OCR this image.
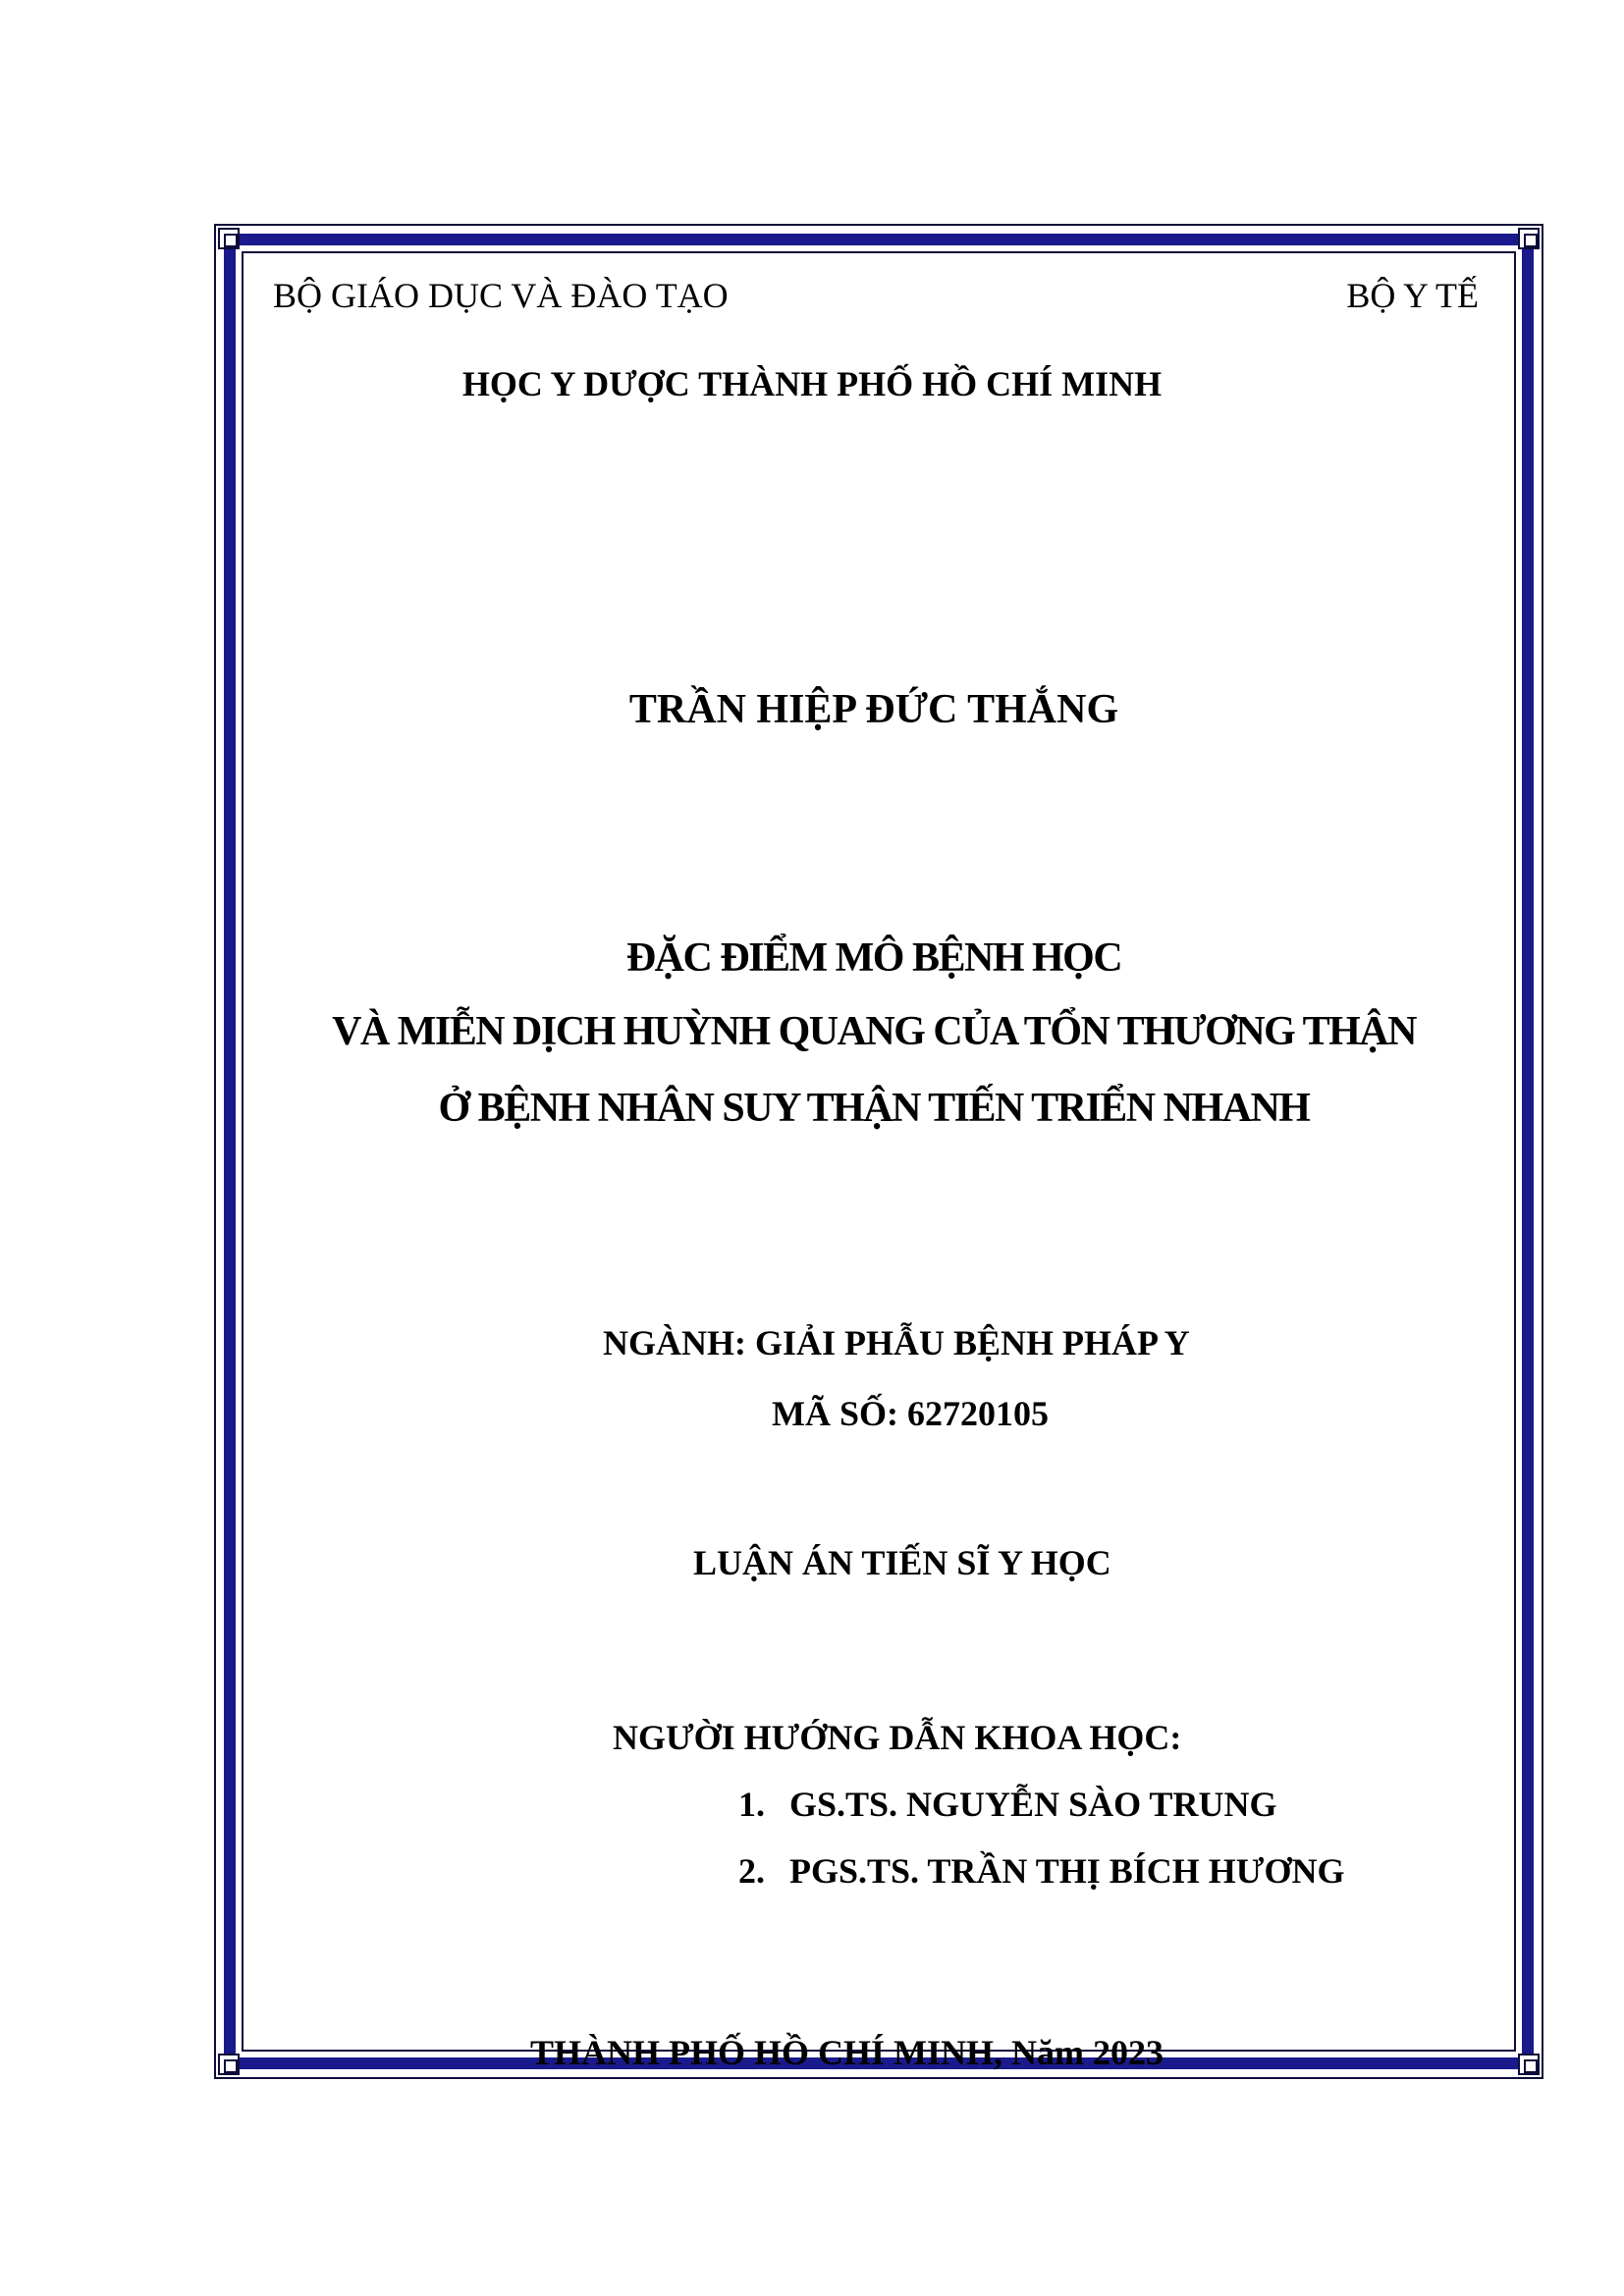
BỘ GIÁO DỤC VÀ ĐÀO TẠO	BỘ Y TẾ
HỌC Y DƯỢC THÀNH PHỐ HỒ CHÍ MINH
TRẦN HIỆP ĐỨC THẮNG
ĐẶC ĐIỂM MÔ BỆNH HỌC
VÀ MIỄN DỊCH HUỲNH QUANG CỦA TỔN THƯƠNG THẬN
Ở BỆNH NHÂN SUY THẬN TIẾN TRIỂN NHANH
NGÀNH: GIẢI PHẪU BỆNH PHÁP Y
MÃ SỐ: 62720105
LUẬN ÁN TIẾN SĨ Y HỌC
NGƯỜI HƯỚNG DẪN KHOA HỌC:
1. GS.TS. NGUYỄN SÀO TRUNG
2. PGS.TS. TRẦN THỊ BÍCH HƯƠNG
THÀNH PHỐ HỒ CHÍ MINH, Năm 2023
